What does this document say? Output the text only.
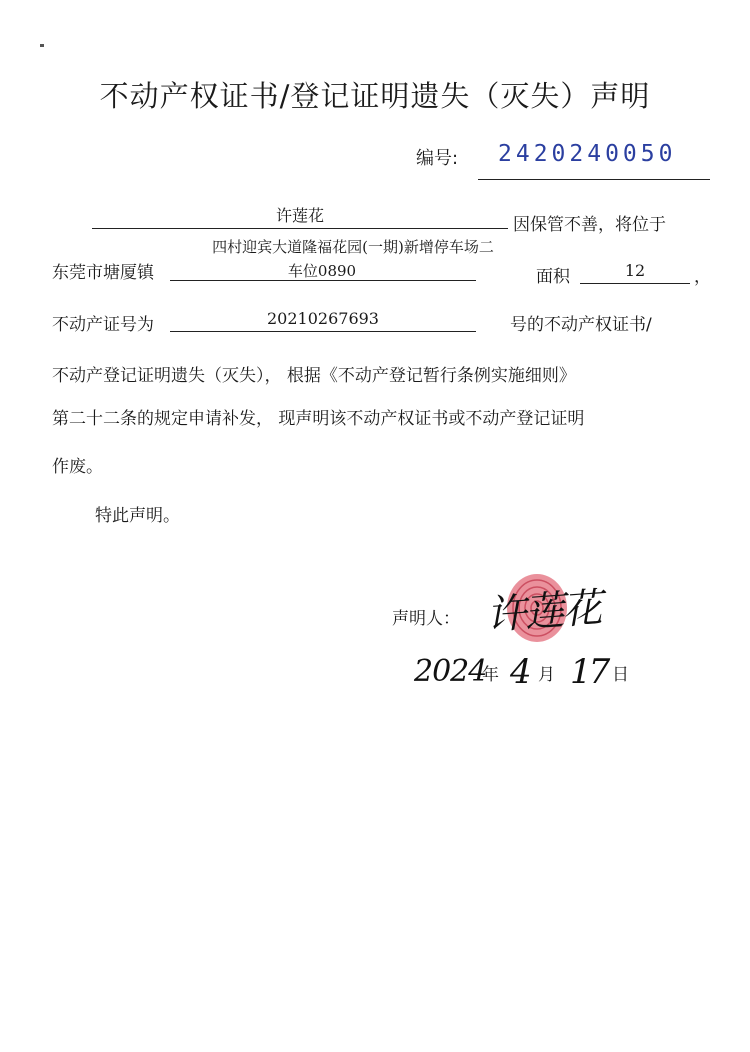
不动产权证书/登记证明遗失（灭失）声明
编号: 2420240050
许莲花	因保管不善，将位于
东莞市塘厦镇
四村迎宾大道隆福花园(一期)新增停车场二
车位0890	面积	12	，
不动产证号为	20210267693	号的不动产权证书/
不动产登记证明遗失（灭失）， 根据《不动产登记暂行条例实施细则》
第二十二条的规定申请补发， 现声明该不动产权证书或不动产登记证明
作废。
特此声明。
声明人： 许莲花
2024
年 4 月 17 日
